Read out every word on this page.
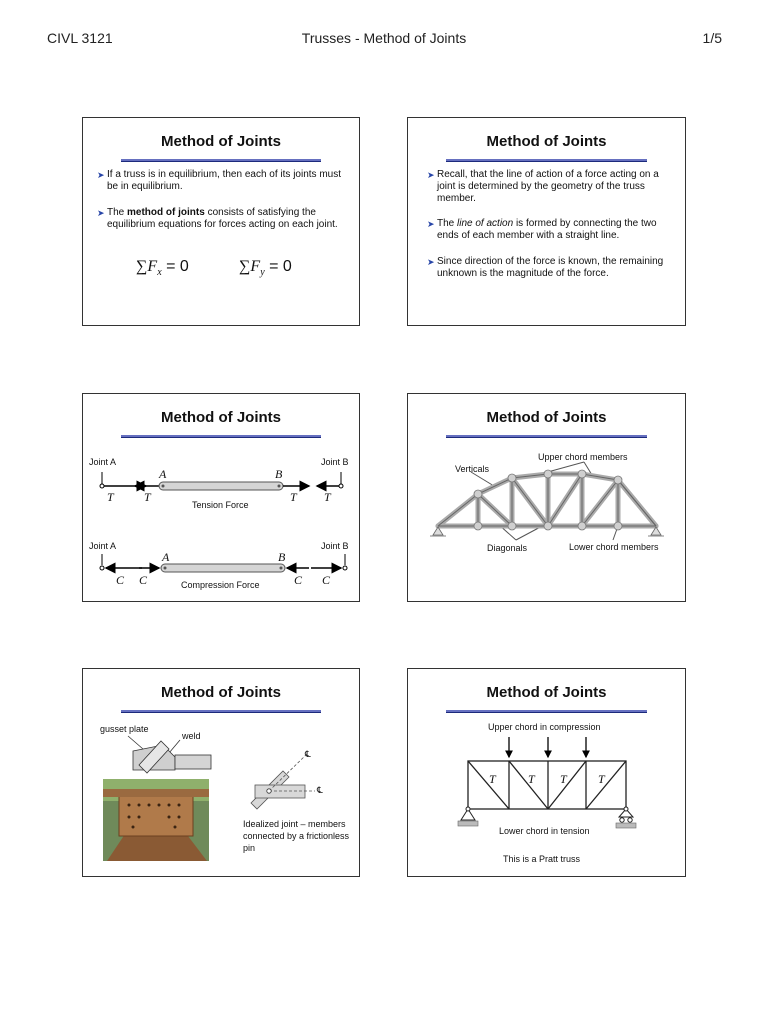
CIVL 3121	Trusses - Method of Joints	1/5
Method of Joints
➤ If a truss is in equilibrium, then each of its joints must be in equilibrium.
➤ The method of joints consists of satisfying the equilibrium equations for forces acting on each joint.
$\sum F_x = 0$	$\sum F_y = 0$
Method of Joints
➤ Recall, that the line of action of a force acting on a joint is determined by the geometry of the truss member.
➤ The line of action is formed by connecting the two ends of each member with a straight line.
➤ Since direction of the force is known, the remaining unknown is the magnitude of the force.
Method of Joints
Joint A	Joint B
A	B
T	T	T T
Tension Force
Joint A	Joint B
A	B
C C	C C
Compression Force
Method of Joints
Upper chord members
Verticals
Diagonals	Lower chord members
Method of Joints
gusset plate
weld
℄
℄
Idealized joint – members connected by a frictionless pin
Method of Joints
Upper chord in compression
T	T T	T
Lower chord in tension
This is a Pratt truss
